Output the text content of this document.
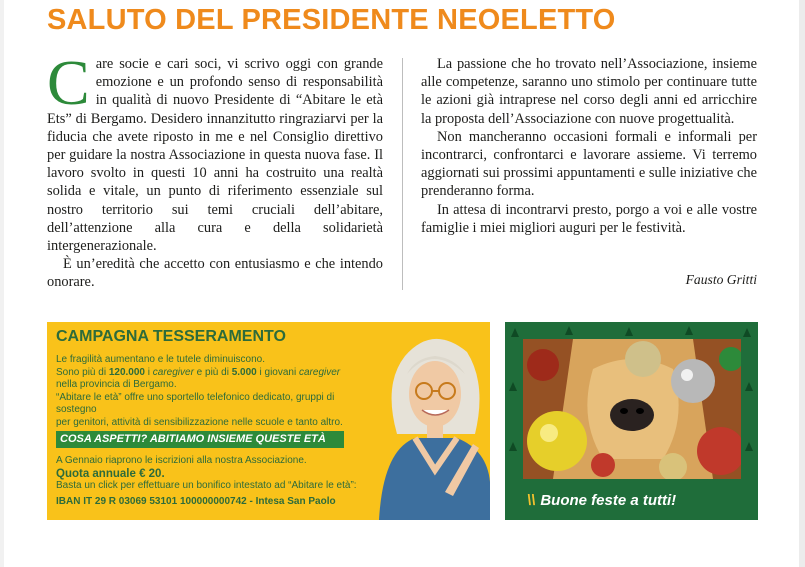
SALUTO DEL PRESIDENTE NEOELETTO

Care socie e cari soci, vi scrivo oggi con grande emozione e un profondo senso di responsabilità in qualità di nuovo Presidente di “Abitare le età Ets” di Bergamo. Desidero innanzitutto ringraziarvi per la fiducia che avete riposto in me e nel Consiglio direttivo per guidare la nostra Associazione in questa nuova fase. Il lavoro svolto in questi 10 anni ha costruito una realtà solida e vitale, un punto di riferimento essenziale sul nostro territorio sui temi cruciali dell’abitare, dell’attenzione alla cura e della solidarietà intergenerazionale.

È un’eredità che accetto con entusiasmo e che intendo onorare.

La passione che ho trovato nell’Associazione, insieme alle competenze, saranno uno stimolo per continuare tutte le azioni già intraprese nel corso degli anni ed arricchire la proposta dell’Associazione con nuove progettualità.

Non mancheranno occasioni formali e informali per incontrarci, confrontarci e lavorare assieme. Vi terremo aggiornati sui prossimi appuntamenti e sulle iniziative che prenderanno forma.

In attesa di incontrarvi presto, porgo a voi e alle vostre famiglie i miei migliori auguri per le festività.

Fausto Gritti
CAMPAGNA TESSERAMENTO

Le fragilità aumentano e le tutele diminuiscono.

Sono più di 120.000 i caregiver e più di 5.000 i giovani caregiver

nella provincia di Bergamo.

“Abitare le età” offre uno sportello telefonico dedicato, gruppi di sostegno

per genitori, attività di sensibilizzazione nelle scuole e tanto altro.

COSA ASPETTI? ABITIAMO INSIEME QUESTE ETÀ

A Gennaio riaprono le iscrizioni alla nostra Associazione.

Quota annuale € 20.

Basta un click per effettuare un bonifico intestato ad “Abitare le età”:

IBAN IT 29 R 03069 53101 100000000742 - Intesa San Paolo	\\ Buone feste a tutti!
